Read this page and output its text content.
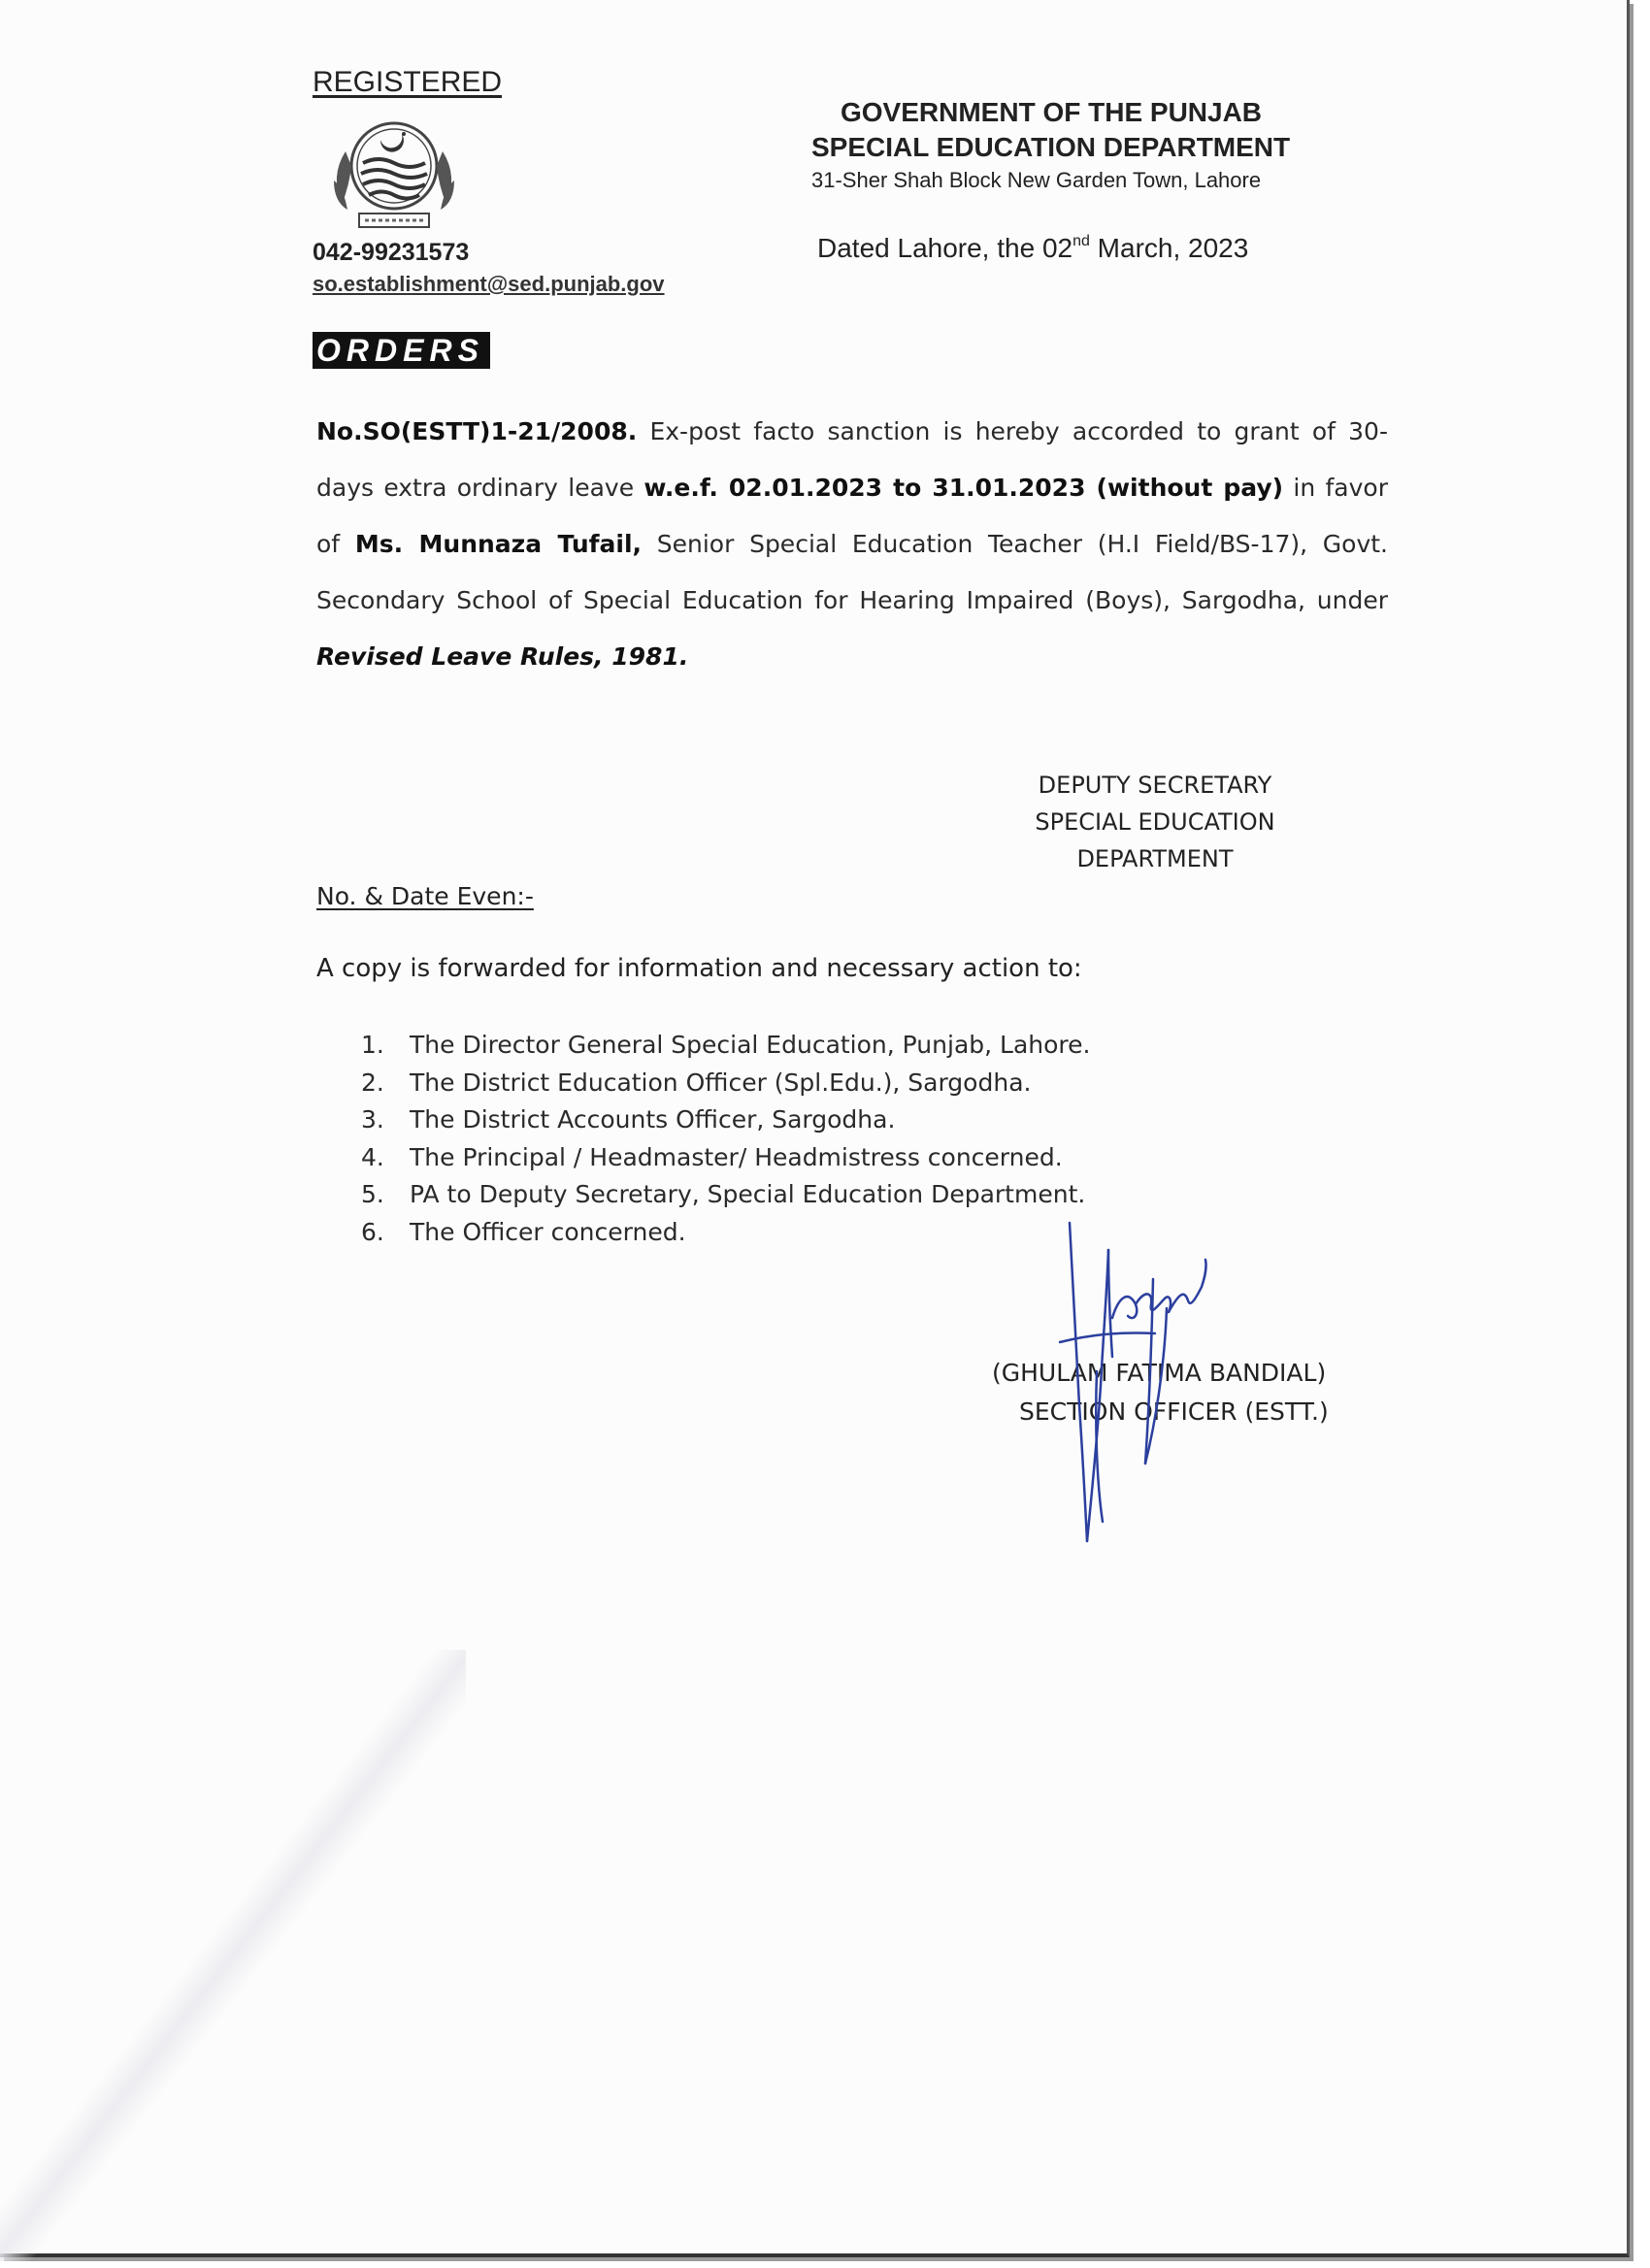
REGISTERED
042-99231573
so.establishment@sed.punjab.gov
GOVERNMENT OF THE PUNJAB
SPECIAL EDUCATION DEPARTMENT
31-Sher Shah Block New Garden Town, Lahore
Dated Lahore, the 02nd March, 2023
ORDERS
No.SO(ESTT)1-21/2008. Ex-post facto sanction is hereby accorded to grant of 30-days extra ordinary leave w.e.f. 02.01.2023 to 31.01.2023 (without pay) in favor of Ms. Munnaza Tufail, Senior Special Education Teacher (H.I Field/BS-17), Govt. Secondary School of Special Education for Hearing Impaired (Boys), Sargodha, under Revised Leave Rules, 1981.
DEPUTY SECRETARY
SPECIAL EDUCATION
DEPARTMENT
No. & Date Even:-
A copy is forwarded for information and necessary action to:
1. The Director General Special Education, Punjab, Lahore.
2. The District Education Officer (Spl.Edu.), Sargodha.
3. The District Accounts Officer, Sargodha.
4. The Principal / Headmaster/ Headmistress concerned.
5. PA to Deputy Secretary, Special Education Department.
6. The Officer concerned.
(GHULAM FATIMA BANDIAL)
SECTION OFFICER (ESTT.)
